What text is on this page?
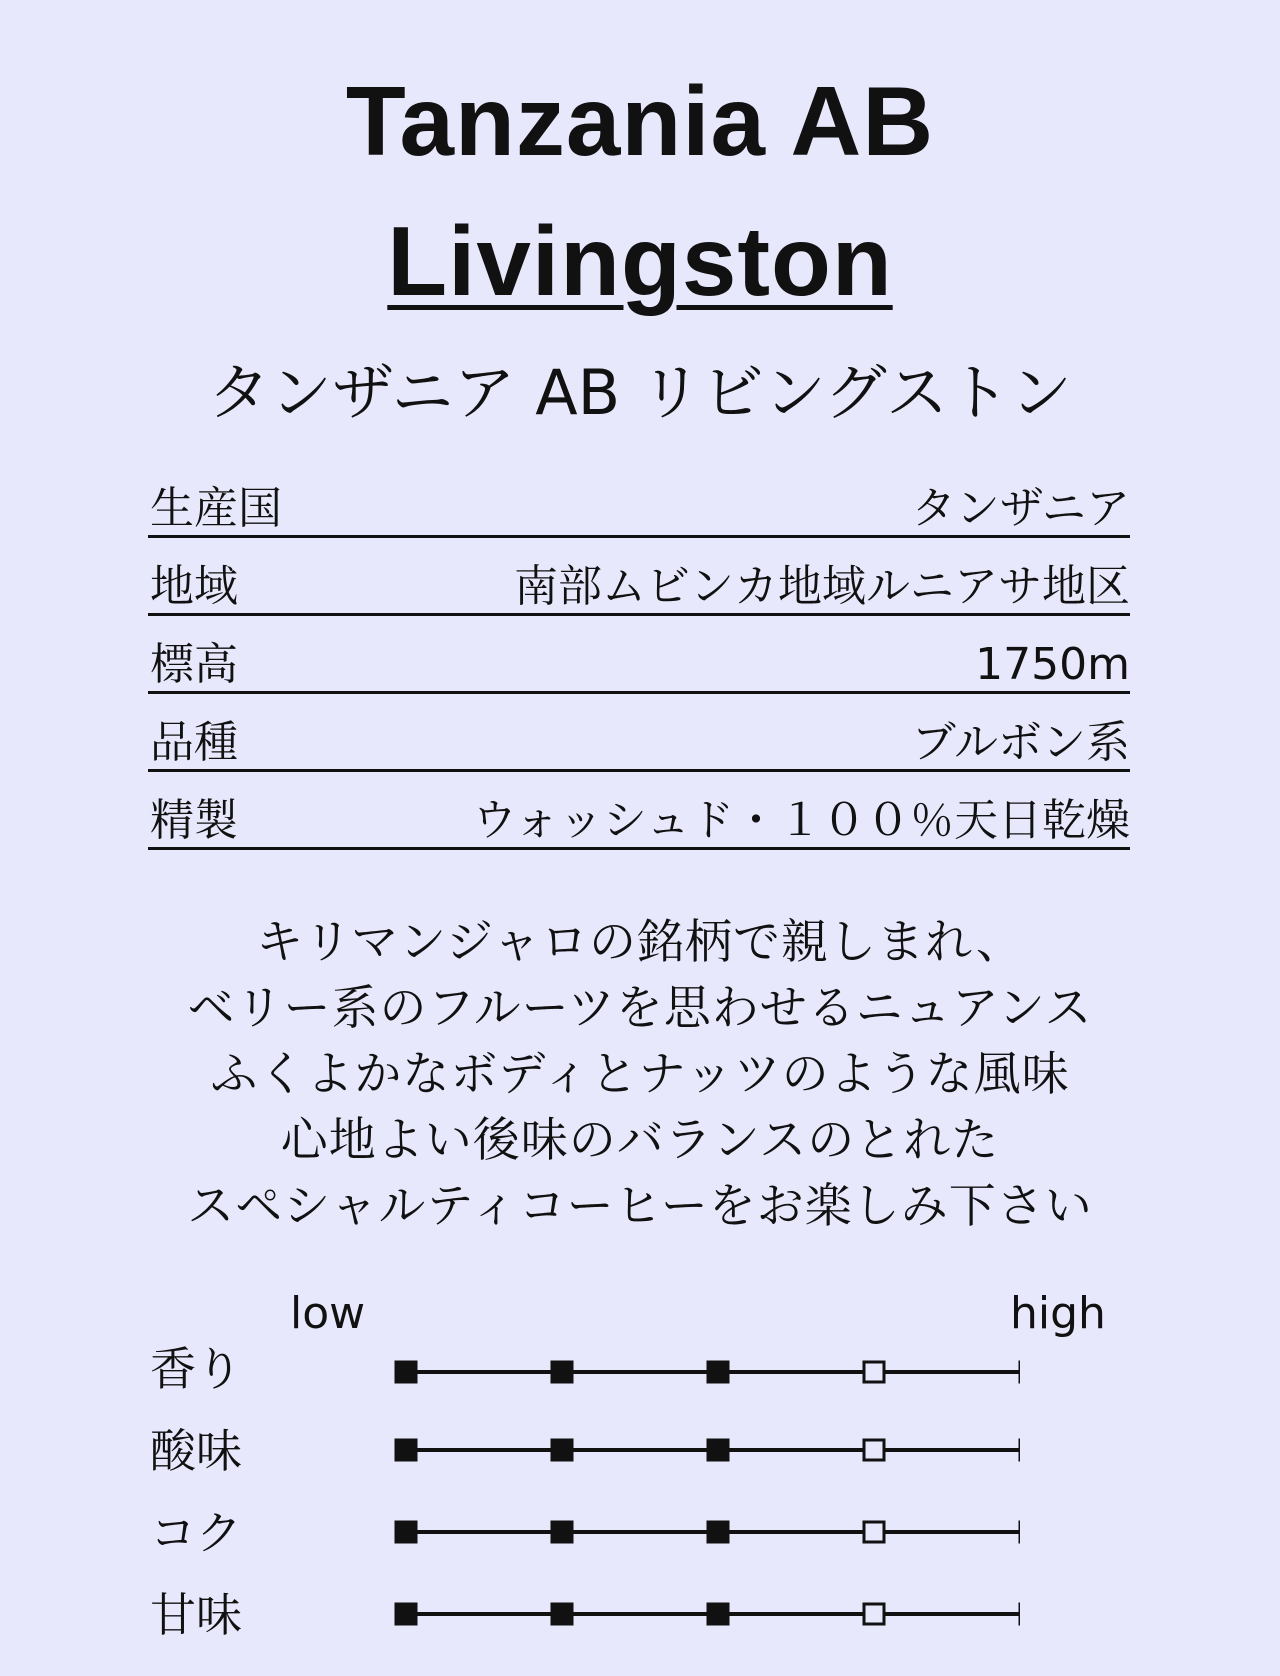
Tanzania AB
Livingston
タンザニア AB リビングストン
生産国	タンザニア
地域	南部ムビンカ地域ルニアサ地区
標高	1750m
品種	ブルボン系
精製	ウォッシュド・１００％天日乾燥
キリマンジャロの銘柄で親しまれ、
ベリー系のフルーツを思わせるニュアンス
ふくよかなボディとナッツのような風味
心地よい後味のバランスのとれた
スペシャルティコーヒーをお楽しみ下さい
low	high
香り
酸味
コク
甘味
